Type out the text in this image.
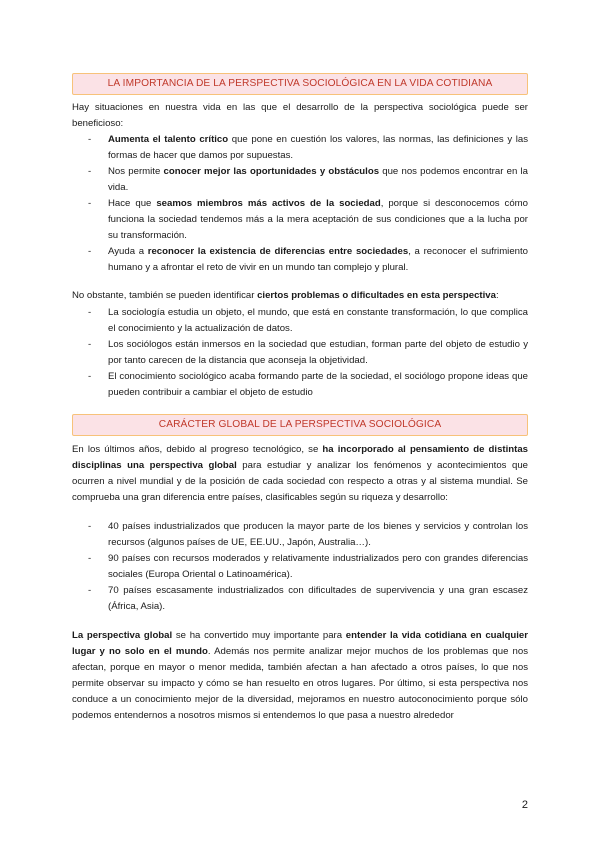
LA IMPORTANCIA DE LA PERSPECTIVA SOCIOLÓGICA EN LA VIDA COTIDIANA

Hay situaciones en nuestra vida en las que el desarrollo de la perspectiva sociológica puede ser beneficioso:

- Aumenta el talento crítico que pone en cuestión los valores, las normas, las definiciones y las formas de hacer que damos por supuestas.
- Nos permite conocer mejor las oportunidades y obstáculos que nos podemos encontrar en la vida.
- Hace que seamos miembros más activos de la sociedad, porque si desconocemos cómo funciona la sociedad tendemos más a la mera aceptación de sus condiciones que a la lucha por su transformación.
- Ayuda a reconocer la existencia de diferencias entre sociedades, a reconocer el sufrimiento humano y a afrontar el reto de vivir en un mundo tan complejo y plural.

No obstante, también se pueden identificar ciertos problemas o dificultades en esta perspectiva:

- La sociología estudia un objeto, el mundo, que está en constante transformación, lo que complica el conocimiento y la actualización de datos.
- Los sociólogos están inmersos en la sociedad que estudian, forman parte del objeto de estudio y por tanto carecen de la distancia que aconseja la objetividad.
- El conocimiento sociológico acaba formando parte de la sociedad, el sociólogo propone ideas que pueden contribuir a cambiar el objeto de estudio
CARÁCTER GLOBAL DE LA PERSPECTIVA SOCIOLÓGICA

En los últimos años, debido al progreso tecnológico, se ha incorporado al pensamiento de distintas disciplinas una perspectiva global para estudiar y analizar los fenómenos y acontecimientos que ocurren a nivel mundial y de la posición de cada sociedad con respecto a otras y al sistema mundial. Se comprueba una gran diferencia entre países, clasificables según su riqueza y desarrollo:

- 40 países industrializados que producen la mayor parte de los bienes y servicios y controlan los recursos (algunos países de UE, EE.UU., Japón, Australia…).
- 90 países con recursos moderados y relativamente industrializados pero con grandes diferencias sociales (Europa Oriental o Latinoamérica).
- 70 países escasamente industrializados con dificultades de supervivencia y una gran escasez (África, Asia).

La perspectiva global se ha convertido muy importante para entender la vida cotidiana en cualquier lugar y no solo en el mundo. Además nos permite analizar mejor muchos de los problemas que nos afectan, porque en mayor o menor medida, también afectan a han afectado a otros países, lo que nos permite observar su impacto y cómo se han resuelto en otros lugares. Por último, si esta perspectiva nos conduce a un conocimiento mejor de la diversidad, mejoramos en nuestro autoconocimiento porque sólo podemos entendernos a nosotros mismos si entendemos lo que pasa a nuestro alrededor

2
